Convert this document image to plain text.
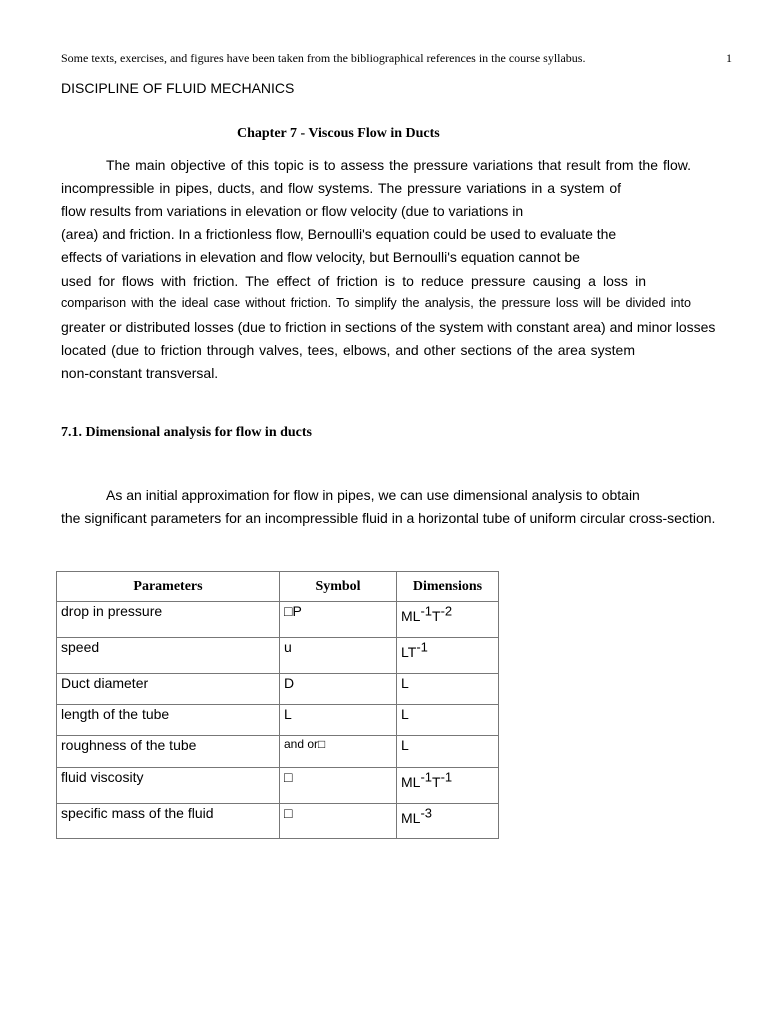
Some texts, exercises, and figures have been taken from the bibliographical references in the course syllabus.	1
DISCIPLINE OF FLUID MECHANICS
Chapter 7 - Viscous Flow in Ducts
The main objective of this topic is to assess the pressure variations that result from the flow.
incompressible in pipes, ducts, and flow systems. The pressure variations in a system of
flow results from variations in elevation or flow velocity (due to variations in
(area) and friction. In a frictionless flow, Bernoulli's equation could be used to evaluate the
effects of variations in elevation and flow velocity, but Bernoulli's equation cannot be
used for flows with friction. The effect of friction is to reduce pressure causing a loss in
comparison with the ideal case without friction. To simplify the analysis, the pressure loss will be divided into
greater or distributed losses (due to friction in sections of the system with constant area) and minor losses
located (due to friction through valves, tees, elbows, and other sections of the area system
non-constant transversal.
7.1. Dimensional analysis for flow in ducts
As an initial approximation for flow in pipes, we can use dimensional analysis to obtain
the significant parameters for an incompressible fluid in a horizontal tube of uniform circular cross-section.
Parameters	Symbol	Dimensions
drop in pressure	□P	$ML^{-1}T^{-2}$
speed	u	$LT^{-1}$
Duct diameter	D	L
length of the tube	L	L
roughness of the tube	and or□	L
fluid viscosity	□	$ML^{-1}T^{-1}$
specific mass of the fluid	□	$ML^{-3}$
